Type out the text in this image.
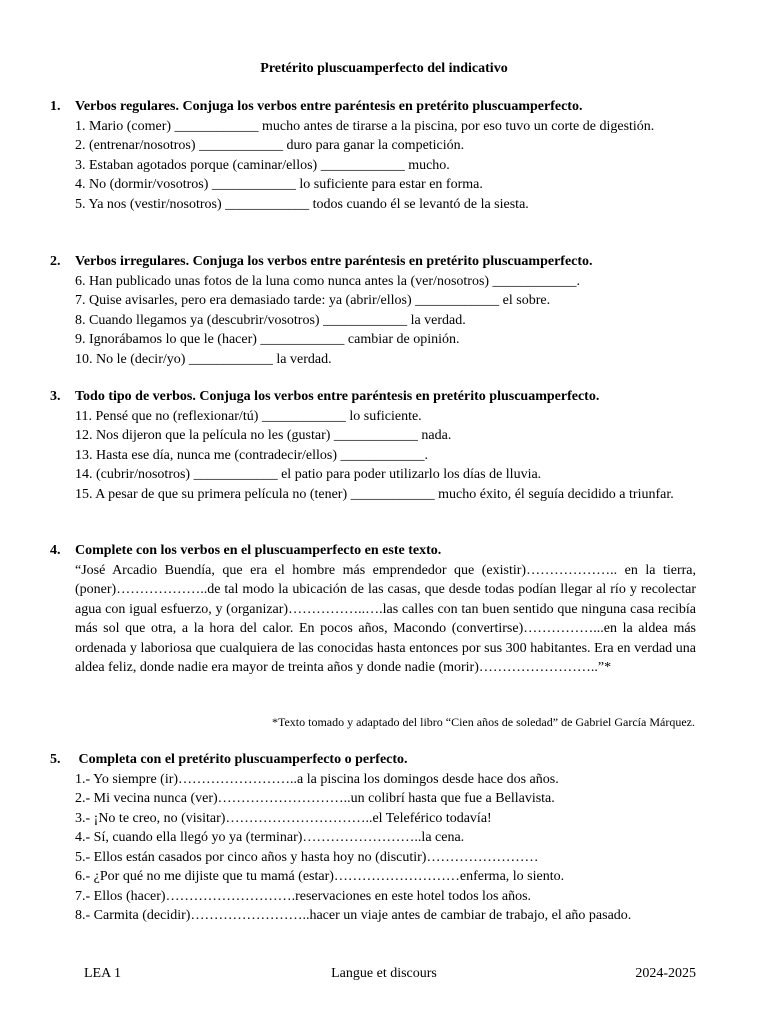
Pretérito pluscuamperfecto del indicativo
1.	Verbos regulares. Conjuga los verbos entre paréntesis en pretérito pluscuamperfecto.
1. Mario (comer) ____________ mucho antes de tirarse a la piscina, por eso tuvo un corte de digestión.
2. (entrenar/nosotros) ____________ duro para ganar la competición.
3. Estaban agotados porque (caminar/ellos) ____________ mucho.
4. No (dormir/vosotros) ____________ lo suficiente para estar en forma.
5. Ya nos (vestir/nosotros) ____________ todos cuando él se levantó de la siesta.
2.	Verbos irregulares. Conjuga los verbos entre paréntesis en pretérito pluscuamperfecto.
6. Han publicado unas fotos de la luna como nunca antes la (ver/nosotros) ____________.
7. Quise avisarles, pero era demasiado tarde: ya (abrir/ellos) ____________ el sobre.
8. Cuando llegamos ya (descubrir/vosotros) ____________ la verdad.
9. Ignorábamos lo que le (hacer) ____________ cambiar de opinión.
10. No le (decir/yo) ____________ la verdad.
3.	Todo tipo de verbos. Conjuga los verbos entre paréntesis en pretérito pluscuamperfecto.
11. Pensé que no (reflexionar/tú) ____________ lo suficiente.
12. Nos dijeron que la película no les (gustar) ____________ nada.
13. Hasta ese día, nunca me (contradecir/ellos) ____________.
14. (cubrir/nosotros) ____________ el patio para poder utilizarlo los días de lluvia.
15. A pesar de que su primera película no (tener) ____________ mucho éxito, él seguía decidido a triunfar.
4.	Complete con los verbos en el pluscuamperfecto en este texto.
“José Arcadio Buendía, que era el hombre más emprendedor que (existir)……………….. en la tierra, (poner)………………..de tal modo la ubicación de las casas, que desde todas podían llegar al río y recolectar agua con igual esfuerzo, y (organizar)……………..….las calles con tan buen sentido que ninguna casa recibía más sol que otra, a la hora del calor. En pocos años, Macondo (convertirse)……………...en la aldea más ordenada y laboriosa que cualquiera de las conocidas hasta entonces por sus 300 habitantes. Era en verdad una aldea feliz, donde nadie era mayor de treinta años y donde nadie (morir)……………………..”*
*Texto tomado y adaptado del libro “Cien años de soledad” de Gabriel García Márquez.
5.	Completa con el pretérito pluscuamperfecto o perfecto.
1.- Yo siempre (ir)……………………..a la piscina los domingos desde hace dos años.
2.- Mi vecina nunca (ver)………………………..un colibrí hasta que fue a Bellavista.
3.- ¡No te creo, no (visitar)…………………………..el Teleférico todavía!
4.- Sí, cuando ella llegó yo ya (terminar)……………………..la cena.
5.- Ellos están casados por cinco años y hasta hoy no (discutir)……………………
6.- ¿Por qué no me dijiste que tu mamá (estar)………………………enferma, lo siento.
7.- Ellos (hacer)……………………….reservaciones en este hotel todos los años.
8.- Carmita (decidir)……………………..hacer un viaje antes de cambiar de trabajo, el año pasado.
LEA 1	Langue et discours	2024-2025
